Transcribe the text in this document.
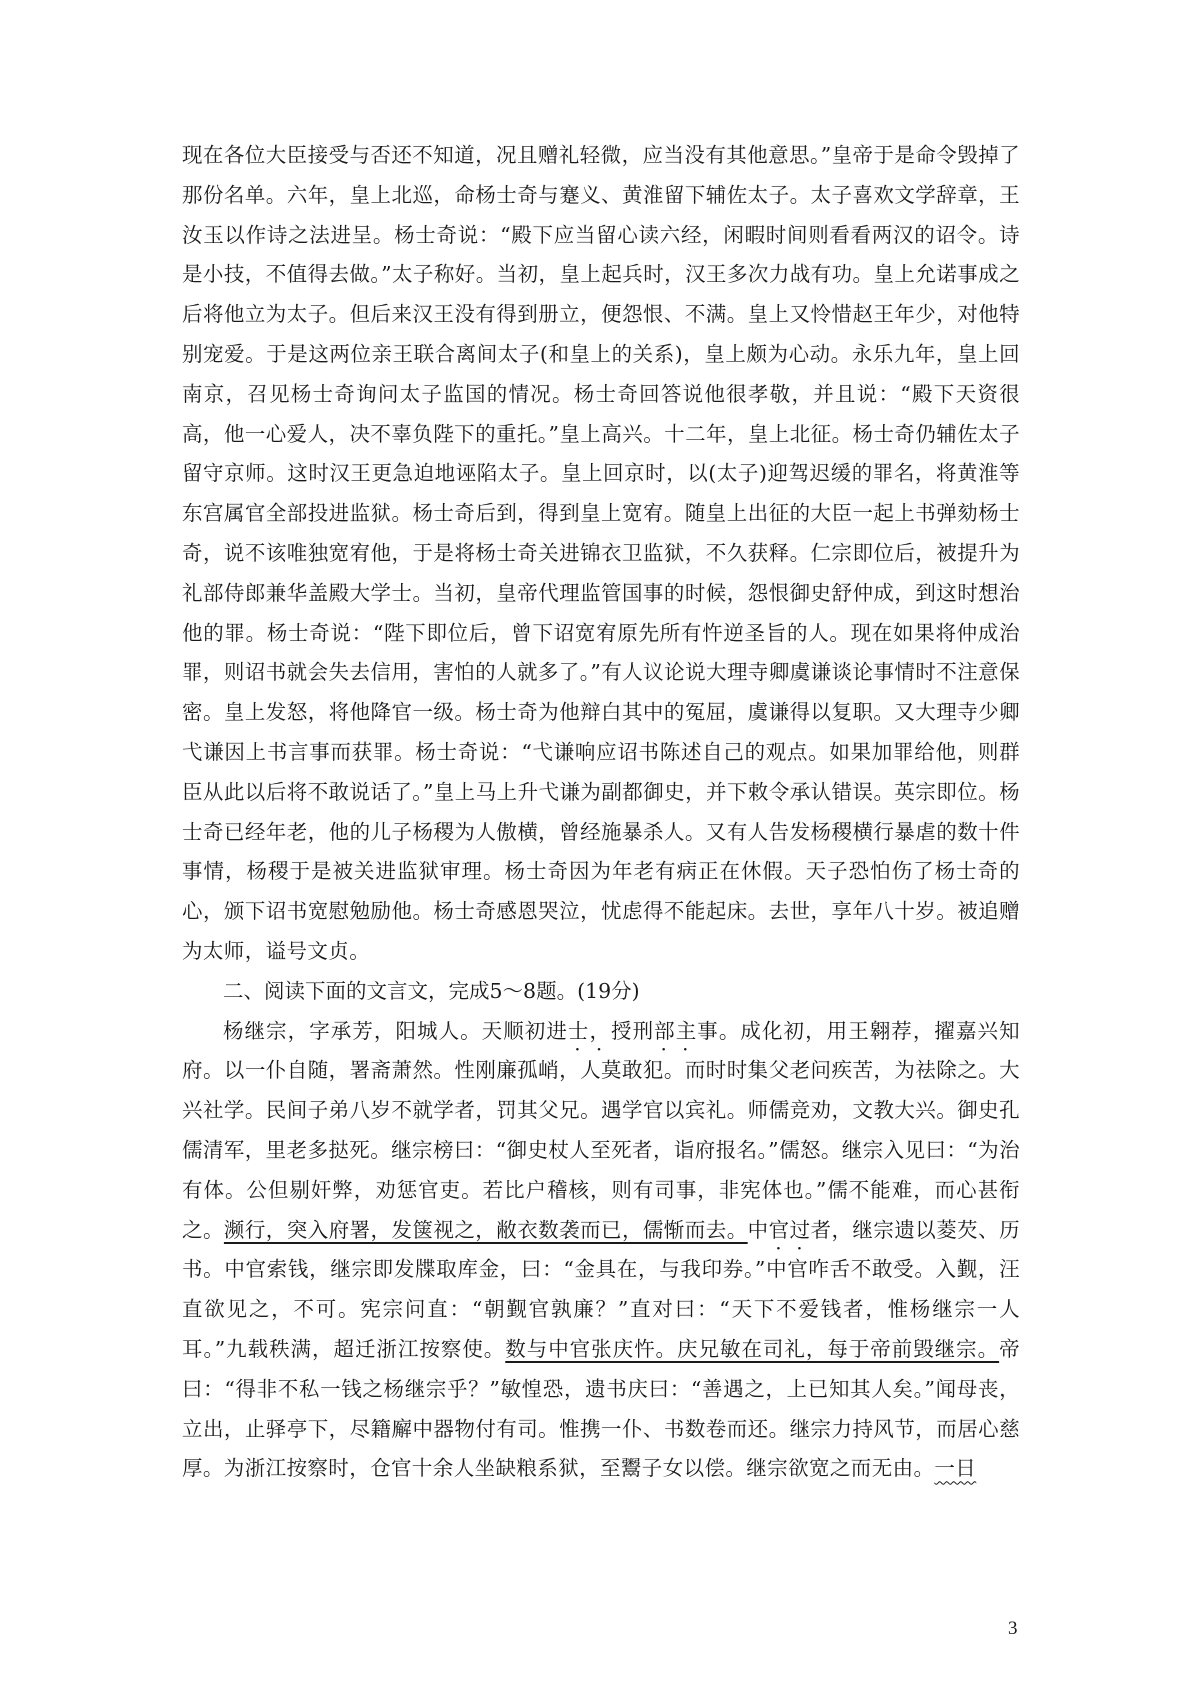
现在各位大臣接受与否还不知道，况且赠礼轻微，应当没有其他意思。”皇帝于是命令毁掉了那份名单。六年，皇上北巡，命杨士奇与蹇义、黄淮留下辅佐太子。太子喜欢文学辞章，王汝玉以作诗之法进呈。杨士奇说：“殿下应当留心读六经，闲暇时间则看看两汉的诏令。诗是小技，不值得去做。”太子称好。当初，皇上起兵时，汉王多次力战有功。皇上允诺事成之后将他立为太子。但后来汉王没有得到册立，便怨恨、不满。皇上又怜惜赵王年少，对他特别宠爱。于是这两位亲王联合离间太子(和皇上的关系)，皇上颇为心动。永乐九年，皇上回南京，召见杨士奇询问太子监国的情况。杨士奇回答说他很孝敬，并且说：“殿下天资很高，他一心爱人，决不辜负陛下的重托。”皇上高兴。十二年，皇上北征。杨士奇仍辅佐太子留守京师。这时汉王更急迫地诬陷太子。皇上回京时，以(太子)迎驾迟缓的罪名，将黄淮等东宫属官全部投进监狱。杨士奇后到，得到皇上宽宥。随皇上出征的大臣一起上书弹劾杨士奇，说不该唯独宽宥他，于是将杨士奇关进锦衣卫监狱，不久获释。仁宗即位后，被提升为礼部侍郎兼华盖殿大学士。当初，皇帝代理监管国事的时候，怨恨御史舒仲成，到这时想治他的罪。杨士奇说：“陛下即位后，曾下诏宽宥原先所有忤逆圣旨的人。现在如果将仲成治罪，则诏书就会失去信用，害怕的人就多了。”有人议论说大理寺卿虞谦谈论事情时不注意保密。皇上发怒，将他降官一级。杨士奇为他辩白其中的冤屈，虞谦得以复职。又大理寺少卿弋谦因上书言事而获罪。杨士奇说：“弋谦响应诏书陈述自己的观点。如果加罪给他，则群臣从此以后将不敢说话了。”皇上马上升弋谦为副都御史，并下敕令承认错误。英宗即位。杨士奇已经年老，他的儿子杨稷为人傲横，曾经施暴杀人。又有人告发杨稷横行暴虐的数十件事情，杨稷于是被关进监狱审理。杨士奇因为年老有病正在休假。天子恐怕伤了杨士奇的心，颁下诏书宽慰勉励他。杨士奇感恩哭泣，忧虑得不能起床。去世，享年八十岁。被追赠为太师，谥号文贞。

二、阅读下面的文言文，完成5～8题。(19分)

杨继宗，字承芳，阳城人。天顺初进士，授刑部主事。成化初，用王翱荐，擢嘉兴知府。以一仆自随，署斋萧然。性刚廉孤峭，人莫敢犯。而时时集父老问疾苦，为祛除之。大兴社学。民间子弟八岁不就学者，罚其父兄。遇学官以宾礼。师儒竞劝，文教大兴。御史孔儒清军，里老多挞死。继宗榜曰：“御史杖人至死者，诣府报名。”儒怒。继宗入见曰：“为治有体。公但剔奸弊，劝惩官吏。若比户稽核，则有司事，非宪体也。”儒不能难，而心甚衔之。濒行，突入府署，发箧视之，敝衣数袭而已，儒惭而去。中官过者，继宗遗以菱芡、历书。中官索钱，继宗即发牒取库金，曰：“金具在，与我印券。”中官咋舌不敢受。入觐，汪直欲见之，不可。宪宗问直：“朝觐官孰廉？”直对曰：“天下不爱钱者，惟杨继宗一人耳。”九载秩满，超迁浙江按察使。数与中官张庆忤。庆兄敏在司礼，每于帝前毁继宗。帝曰：“得非不私一钱之杨继宗乎？”敏惶恐，遗书庆曰：“善遇之，上已知其人矣。”闻母丧，立出，止驿亭下，尽籍廨中器物付有司。惟携一仆、书数卷而还。继宗力持风节，而居心慈厚。为浙江按察时，仓官十余人坐缺粮系狱，至鬻子女以偿。继宗欲宽之而无由。一日

3
